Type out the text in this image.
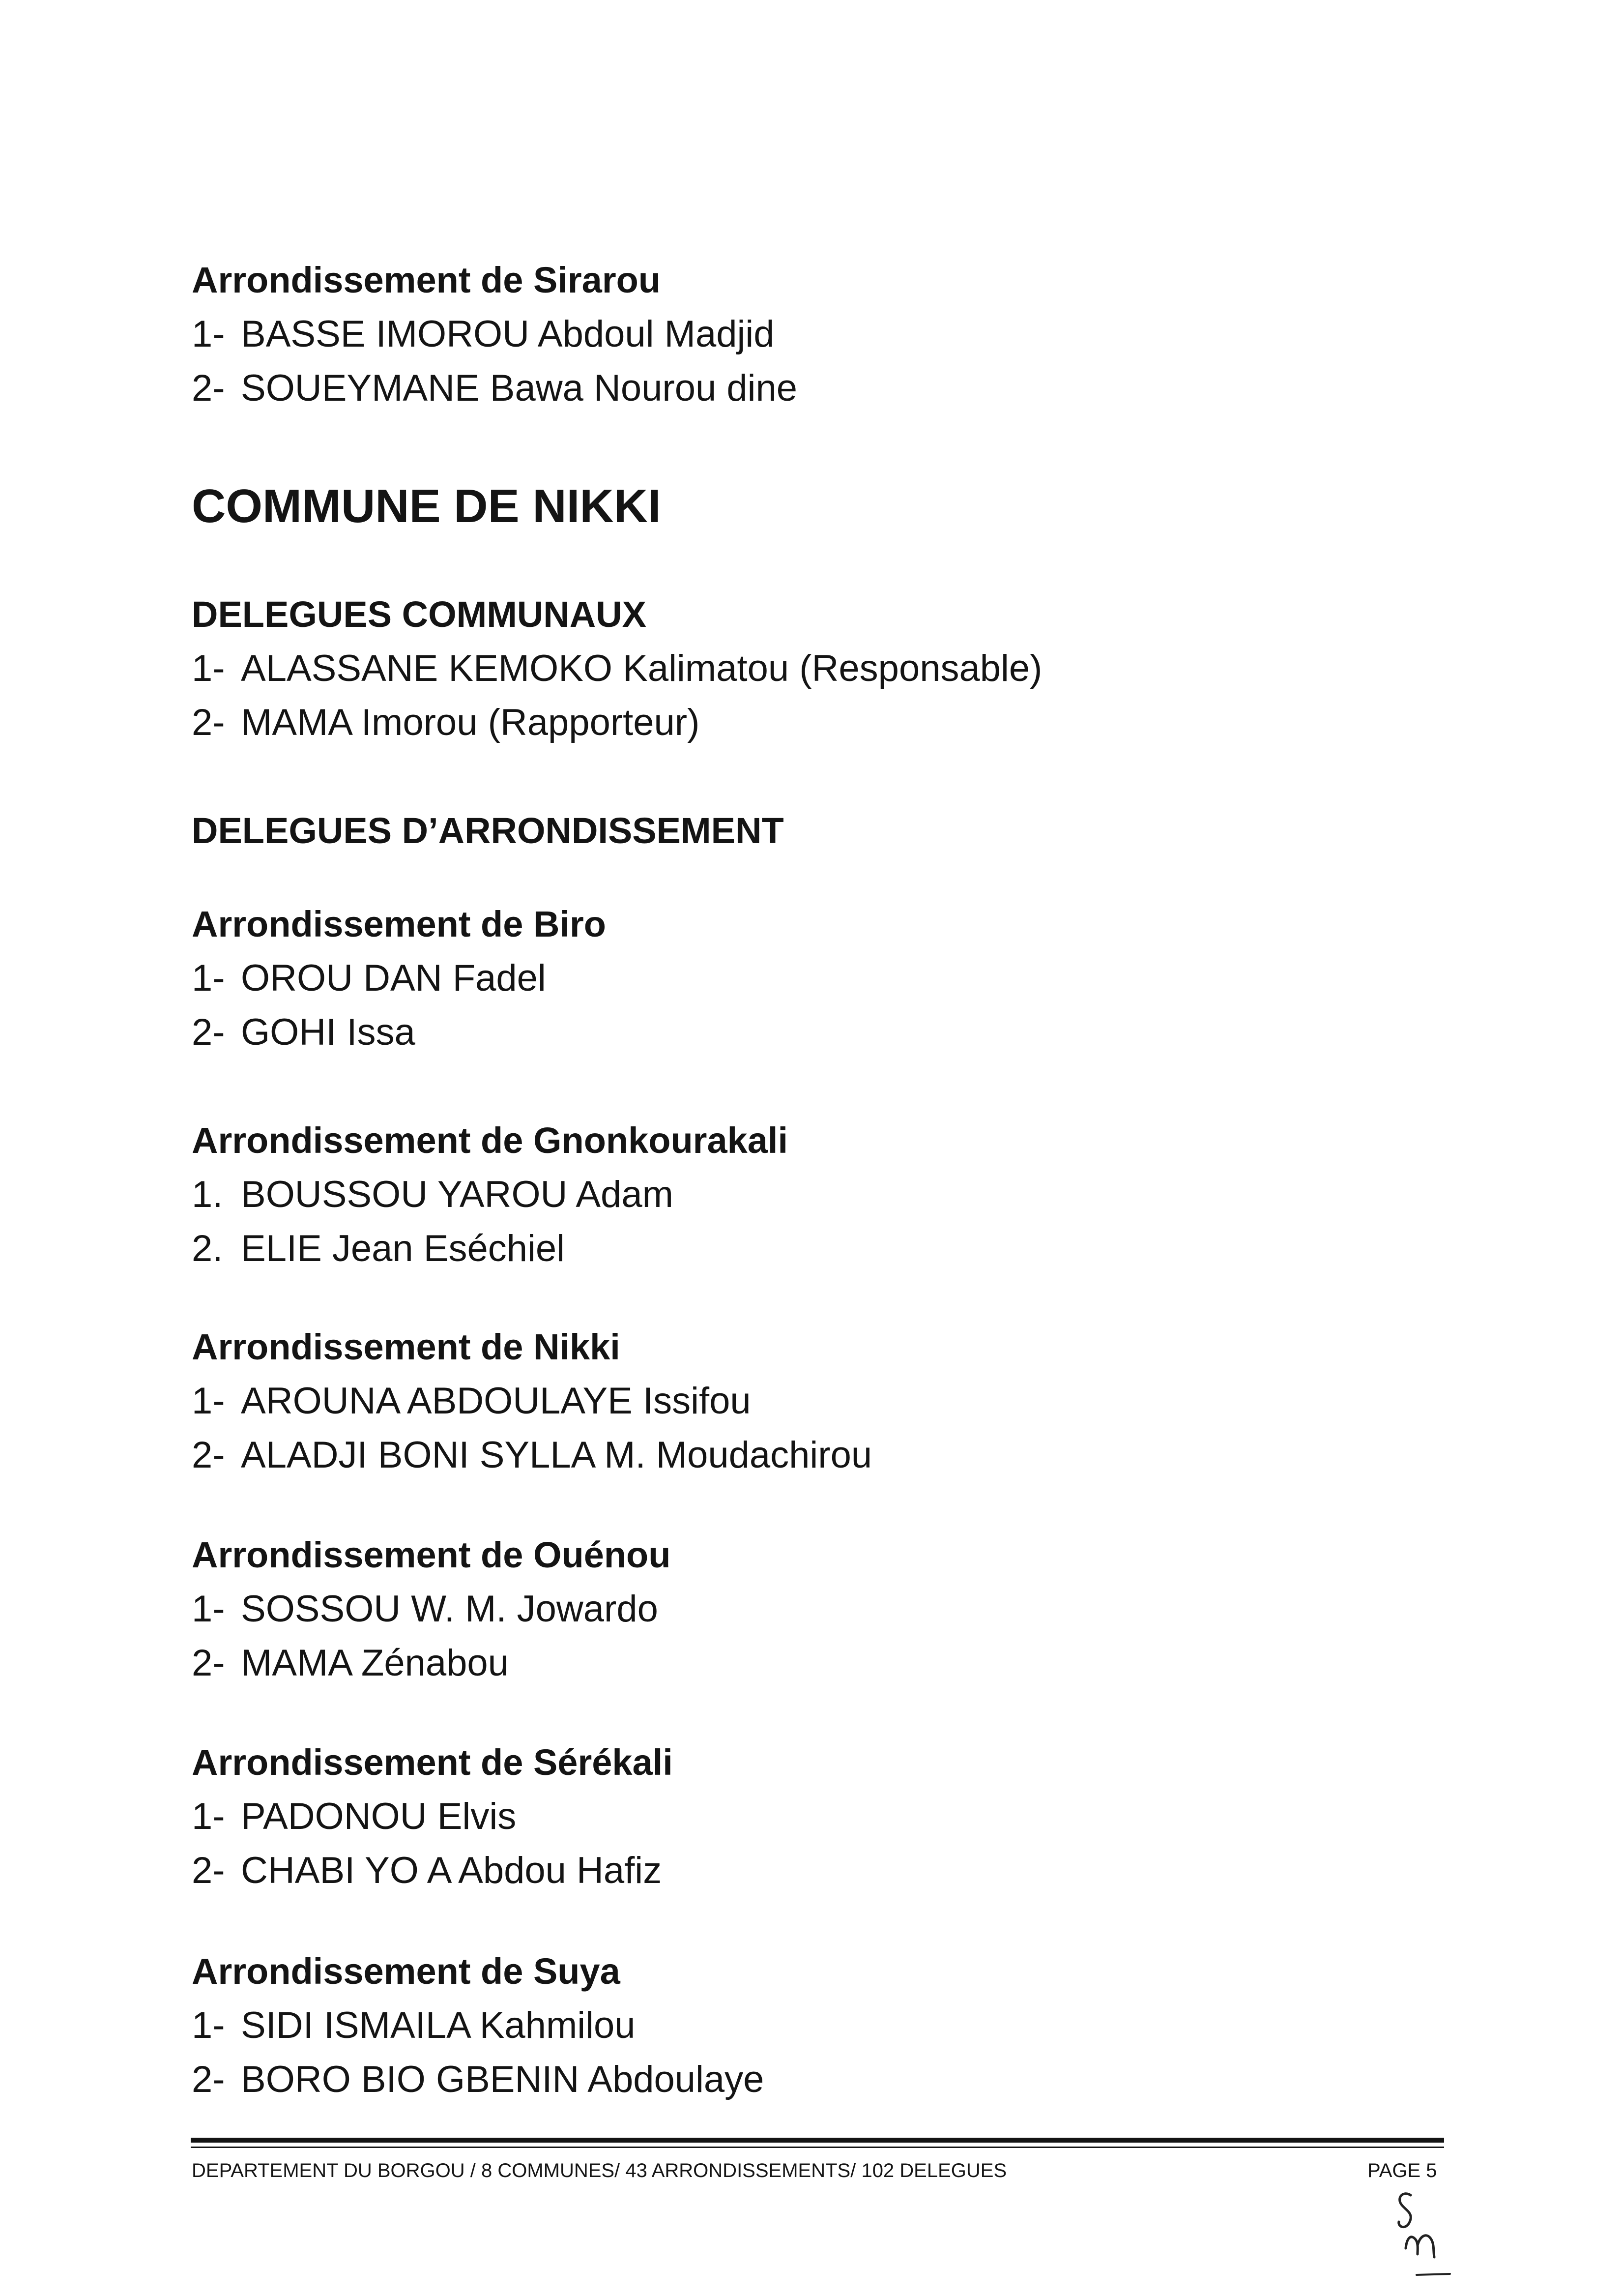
Arrondissement de Sirarou
1- BASSE IMOROU Abdoul Madjid
2- SOUEYMANE Bawa Nourou dine
COMMUNE DE NIKKI
DELEGUES COMMUNAUX
1- ALASSANE KEMOKO Kalimatou (Responsable)
2- MAMA Imorou (Rapporteur)
DELEGUES D’ARRONDISSEMENT
Arrondissement de Biro
1- OROU DAN Fadel
2- GOHI Issa
Arrondissement de Gnonkourakali
1. BOUSSOU YAROU Adam
2. ELIE Jean Eséchiel
Arrondissement de Nikki
1- AROUNA ABDOULAYE Issifou
2- ALADJI BONI SYLLA M. Moudachirou
Arrondissement de Ouénou
1- SOSSOU W. M. Jowardo
2- MAMA Zénabou
Arrondissement de Sérékali
1- PADONOU Elvis
2- CHABI YO A Abdou Hafiz
Arrondissement de Suya
1- SIDI ISMAILA Kahmilou
2- BORO BIO GBENIN Abdoulaye
DEPARTEMENT DU BORGOU / 8 COMMUNES/ 43 ARRONDISSEMENTS/ 102 DELEGUES	PAGE 5
